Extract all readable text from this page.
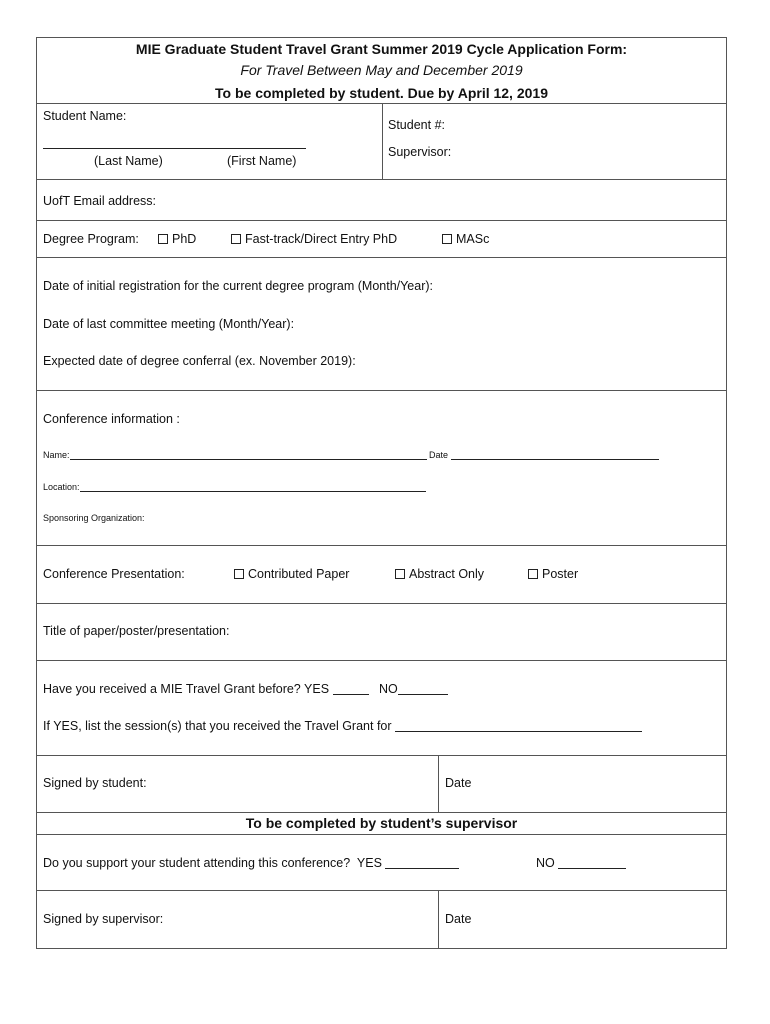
MIE Graduate Student Travel Grant Summer 2019 Cycle Application Form:
For Travel Between May and December 2019
To be completed by student. Due by April 12, 2019
Student Name:
(Last Name)	(First Name)
Student #:
Supervisor:
UofT Email address:
Degree Program:	PhD	Fast-track/Direct Entry PhD	MASc
Date of initial registration for the current degree program (Month/Year):
Date of last committee meeting (Month/Year):
Expected date of degree conferral (ex. November 2019):
Conference information :
Name:	Date
Location:
Sponsoring Organization:
Conference Presentation:	Contributed Paper	Abstract Only	Poster
Title of paper/poster/presentation:
Have you received a MIE Travel Grant before? YES	NO
If YES, list the session(s) that you received the Travel Grant for
Signed by student:	Date
To be completed by student’s supervisor
Do you support your student attending this conference? YES	NO
Signed by supervisor:	Date
